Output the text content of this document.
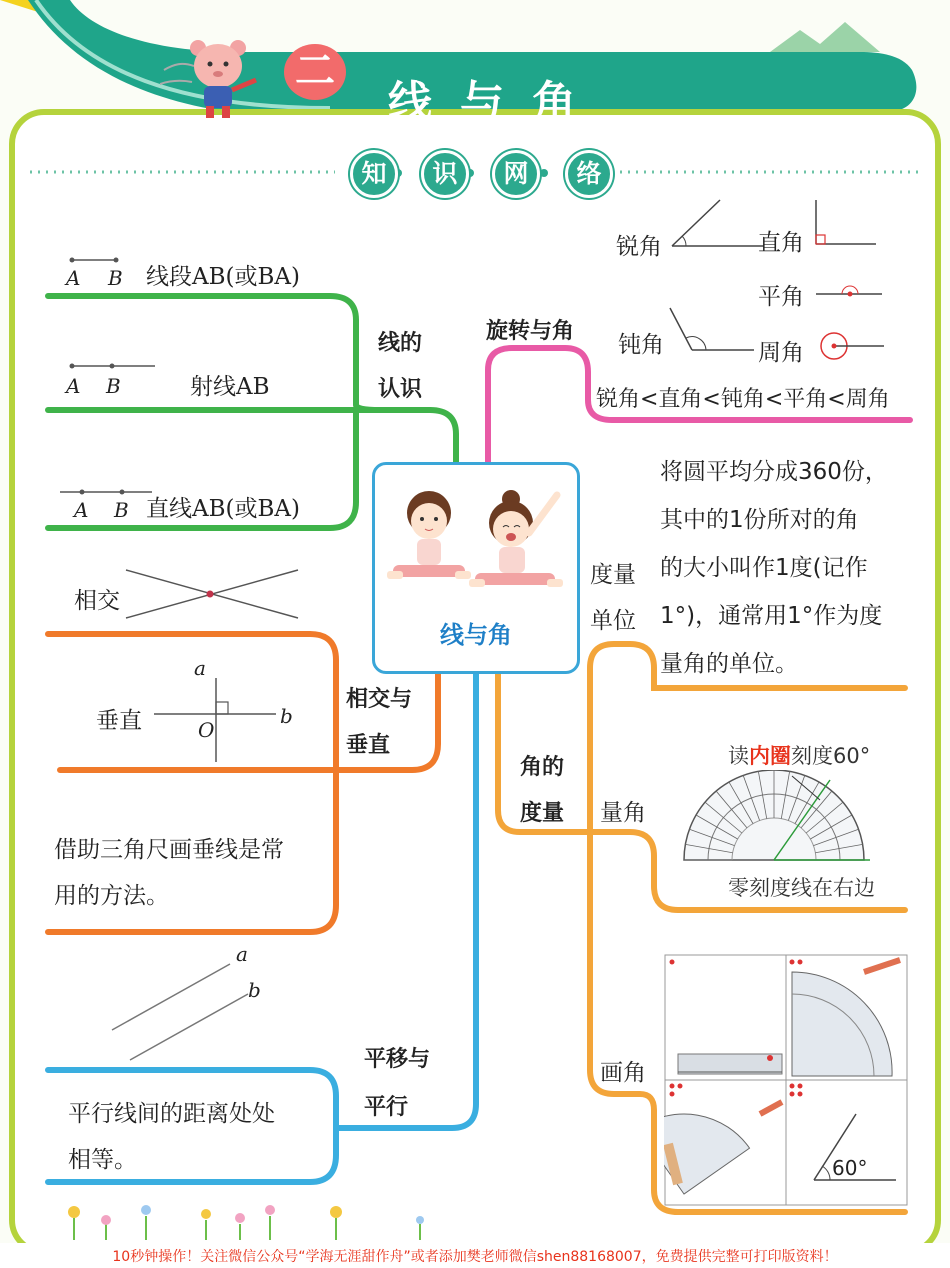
二
线与角
知	识	网	络
A B 线段AB(或BA)
A B	射线AB
A B 直线AB(或BA)
线的
认识
旋转与角
锐角	直角
平角
钝角	周角
锐角<直角<钝角<平角<周角
线与角
相交
垂直
a
b
O
相交与
垂直
借助三角尺画垂线是常
用的方法。
a
b
平移与
平行
平行线间的距离处处
相等。
角的
度量
度量
单位
将圆平均分成360份，
其中的1份所对的角
的大小叫作1度(记作
1°)，通常用1°作为度
量角的单位。
量角
读内圈刻度60°
零刻度线在右边
画角
60°
10秒钟操作！关注微信公众号“学海无涯甜作舟”或者添加樊老师微信shen88168007，免费提供完整可打印版资料！
